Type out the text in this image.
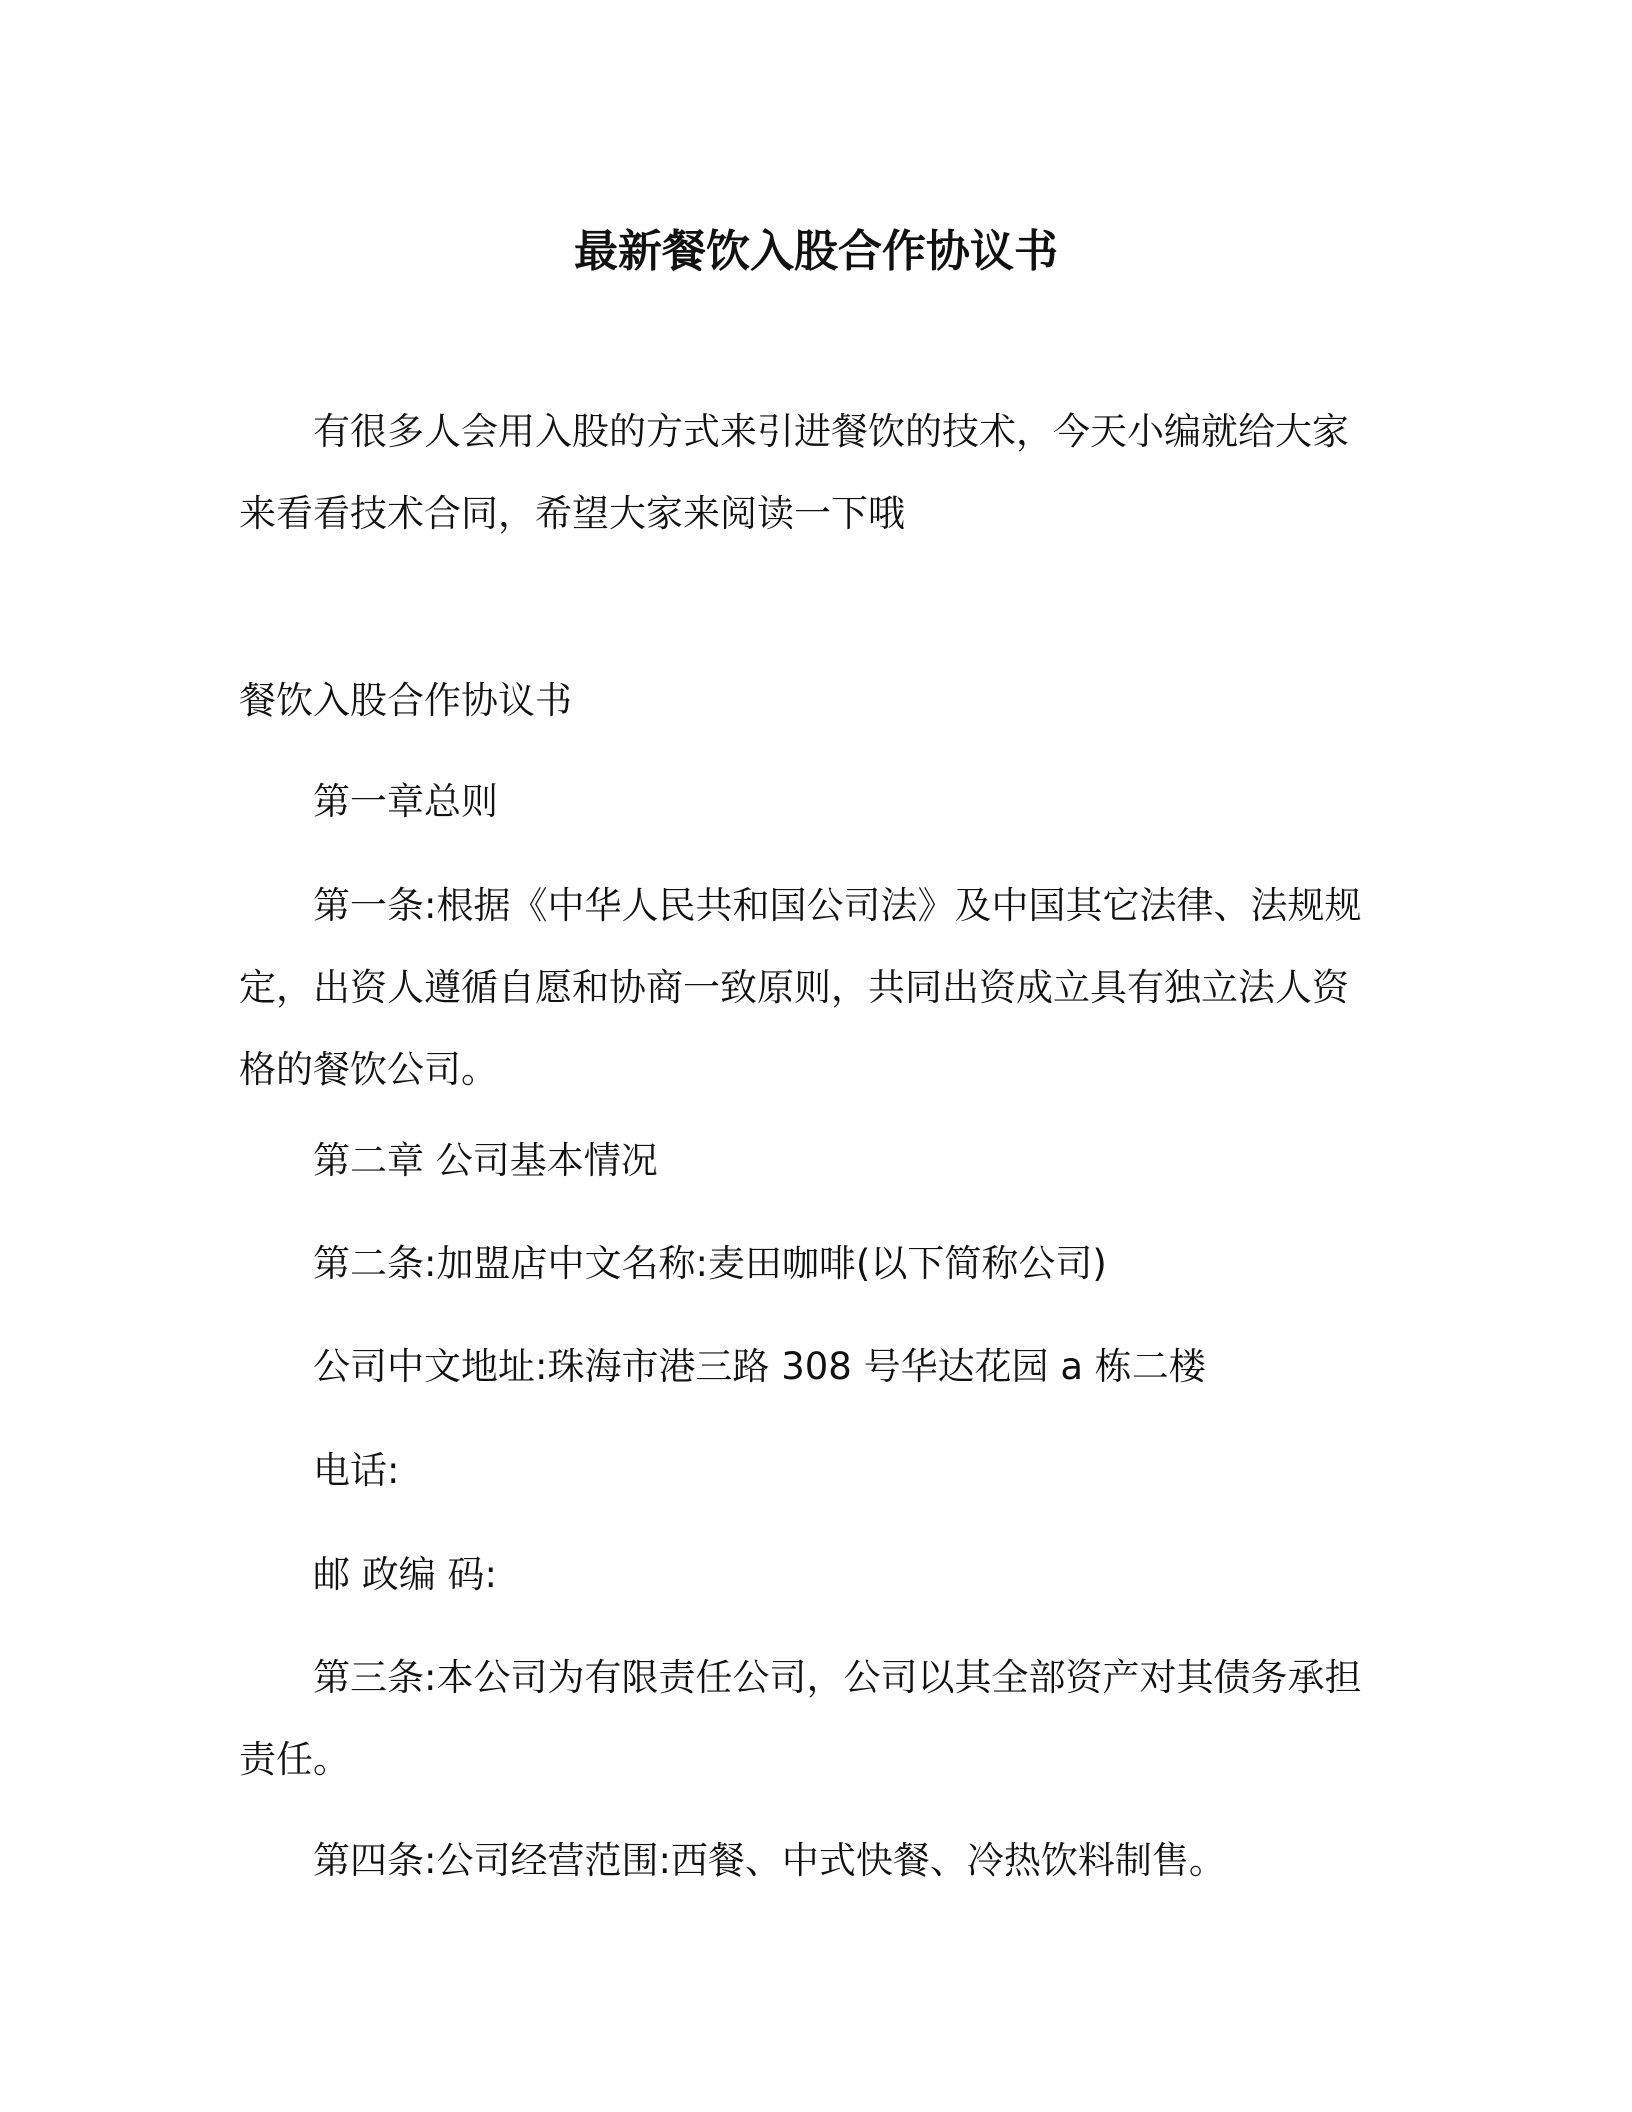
最新餐饮入股合作协议书

有很多人会用入股的方式来引进餐饮的技术，今天小编就给大家来看看技术合同，希望大家来阅读一下哦

餐饮入股合作协议书

第一章总则

第一条:根据《中华人民共和国公司法》及中国其它法律、法规规定，出资人遵循自愿和协商一致原则，共同出资成立具有独立法人资格的餐饮公司。

第二章 公司基本情况

第二条:加盟店中文名称:麦田咖啡(以下简称公司)

公司中文地址:珠海市港三路 308 号华达花园 a 栋二楼

电话:

邮 政编 码:

第三条:本公司为有限责任公司，公司以其全部资产对其债务承担责任。

第四条:公司经营范围:西餐、中式快餐、冷热饮料制售。
